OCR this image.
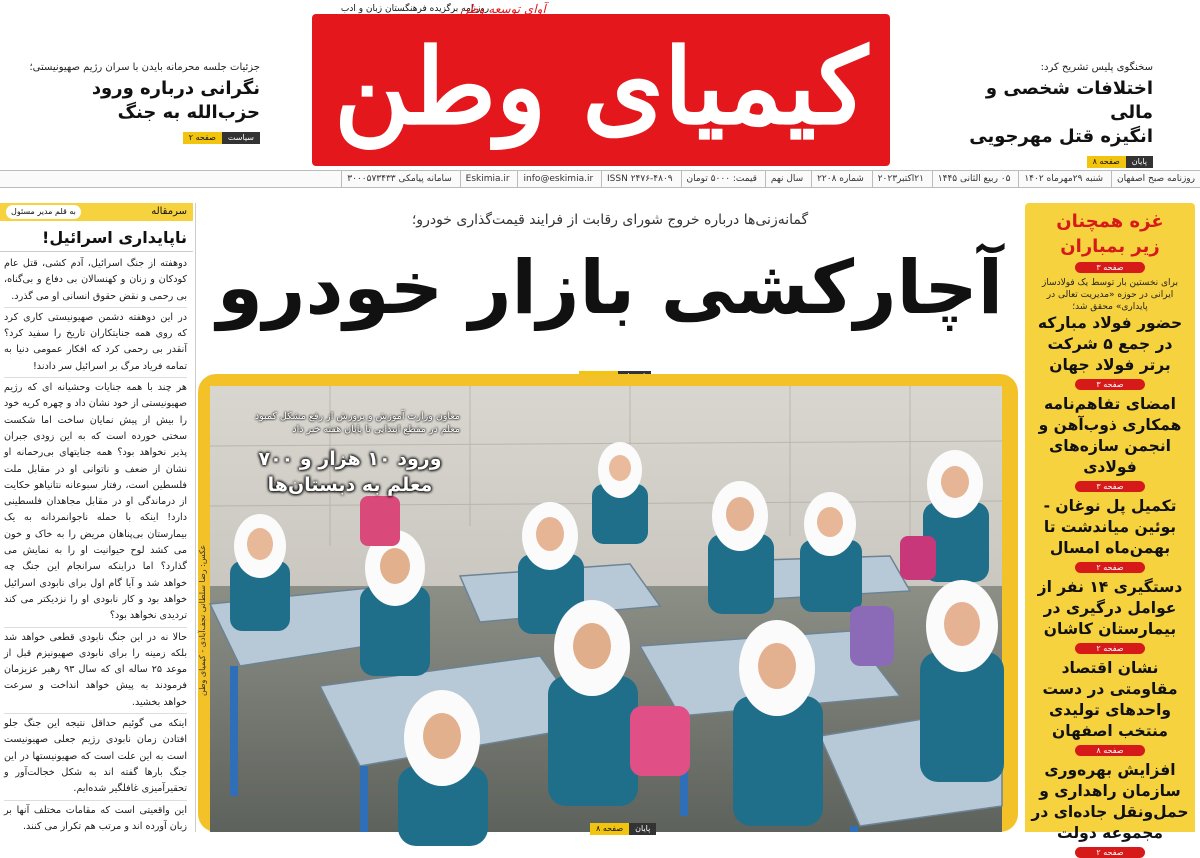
روزنامه برگزیده فرهنگستان زبان و ادب
کیمیای وطن
آوای توسعه وطن
جزئیات جلسه محرمانه بایدن با سران رژیم صهیونیستی؛
نگرانی درباره ورود
حزب‌الله به جنگ
سیاستصفحه ۲
سخنگوی پلیس تشریح کرد:
اختلافات شخصی و مالی
انگیزه قتل مهرجویی
پایانصفحه ۸
روزنامه صبح اصفهان شنبه ۲۹مهرماه ۱۴۰۲ ۰۵ ربیع الثانی ۱۴۴۵ ۲۱اکتبر۲۰۲۳ شماره ۲۲۰۸ سال نهم قیمت: ۵۰۰۰ تومان ISSN ۲۴۷۶-۴۸۰۹ info@eskimia.ir Eskimia.ir سامانه پیامکی ۳۰۰۰۵۷۳۴۳۳
غزه همچنان
زیر بمباران
صفحه ۳
برای نخستین بار توسط یک فولادساز ایرانی در حوزه «مدیریت تعالی در پایداری» محقق شد؛
حضور فولاد مبارکه در جمع ۵ شرکت برتر فولاد جهان
صفحه ۳
امضای تفاهم‌نامه همکاری ذوب‌آهن و انجمن سازه‌های فولادی
صفحه ۳
تکمیل پل نوغان - بوئین میاندشت تا بهمن‌ماه امسال
صفحه ۲
دستگیری ۱۴ نفر از عوامل درگیری در بیمارستان کاشان
صفحه ۲
نشان اقتصاد مقاومتی در دست واحدهای تولیدی منتخب اصفهان
صفحه ۸
افزایش بهره‌وری سازمان راهداری و حمل‌ونقل جاده‌ای در مجموعه دولت
صفحه ۲
سرمقاله
به قلم مدیر مسئول
ناپایداری اسرائیل!

دوهفته از جنگ اسرائیل، آدم کشی، قتل عام کودکان و زنان و کهنسالان بی دفاع و بی‌گناه، بی رحمی و نقض حقوق انسانی او می گذرد.

در این دوهفته دشمن صهیونیستی کاری کرد که روی همه جنایتکاران تاریخ را سفید کرد؟ آنقدر بی رحمی کرد که افکار عمومی دنیا به تمامه فریاد مرگ بر اسرائیل سر دادند!

هر چند با همه جنایات وحشیانه ای که رژیم صهیونیستی از خود نشان داد و چهره کریه خود را بیش از پیش نمایان ساخت اما شکست سختی خورده است که به این زودی جبران پذیر نخواهد بود؟ همه جنایتهای بی‌رحمانه او نشان از ضعف و ناتوانی او در مقابل ملت فلسطین است، رفتار سبوعانه نتانیاهو حکایت از درماندگی او در مقابل مجاهدان فلسطینی دارد! اینکه با حمله ناجوانمردانه به یک بیمارستان بی‌پناهان مریض را به خاک و خون می کشد لوح حیوانیت او را به نمایش می گذارد؟ اما دراینکه سرانجام این جنگ چه خواهد شد و آیا گام اول برای نابودی اسرائیل خواهد بود و کار نابودی او را نزدیکتر می کند تردیدی نخواهد بود؟

حالا نه در این جنگ نابودی قطعی خواهد شد بلکه زمینه را برای نابودی صهیونیزم قبل از موعد ۲۵ ساله ای که سال ۹۳ رهبر عزیزمان فرمودند به پیش خواهد انداخت و سرعت خواهد بخشید.

اینکه می گوئیم حداقل نتیجه این جنگ جلو افتادن زمان نابودی رژیم جعلی صهیونیست است به این علت است که صهیونیستها در این جنگ بارها گفته اند به شکل خجالت‌آور و تحقیرآمیزی غافلگیر شده‌ایم.

این واقعیتی است که مقامات مختلف آنها بر زبان آورده اند و مرتب هم تکرار می کنند.

گمانه‌زنی‌ها درباره خروج شورای رقابت از فرایند قیمت‌گذاری خودرو؛
آچارکشی بازار خودرو
معاون وزارت آموزش و پرورش از رفع مشکل کمبود معلم در مقطع ابتدایی تا پایان هفته خبر داد
ورود ۱۰ هزار و ۷۰۰
معلم به دبستان‌ها
عکس: رضا سلطانی نجف‌آبادی - کیمیای وطن
پایانصفحه ۸
